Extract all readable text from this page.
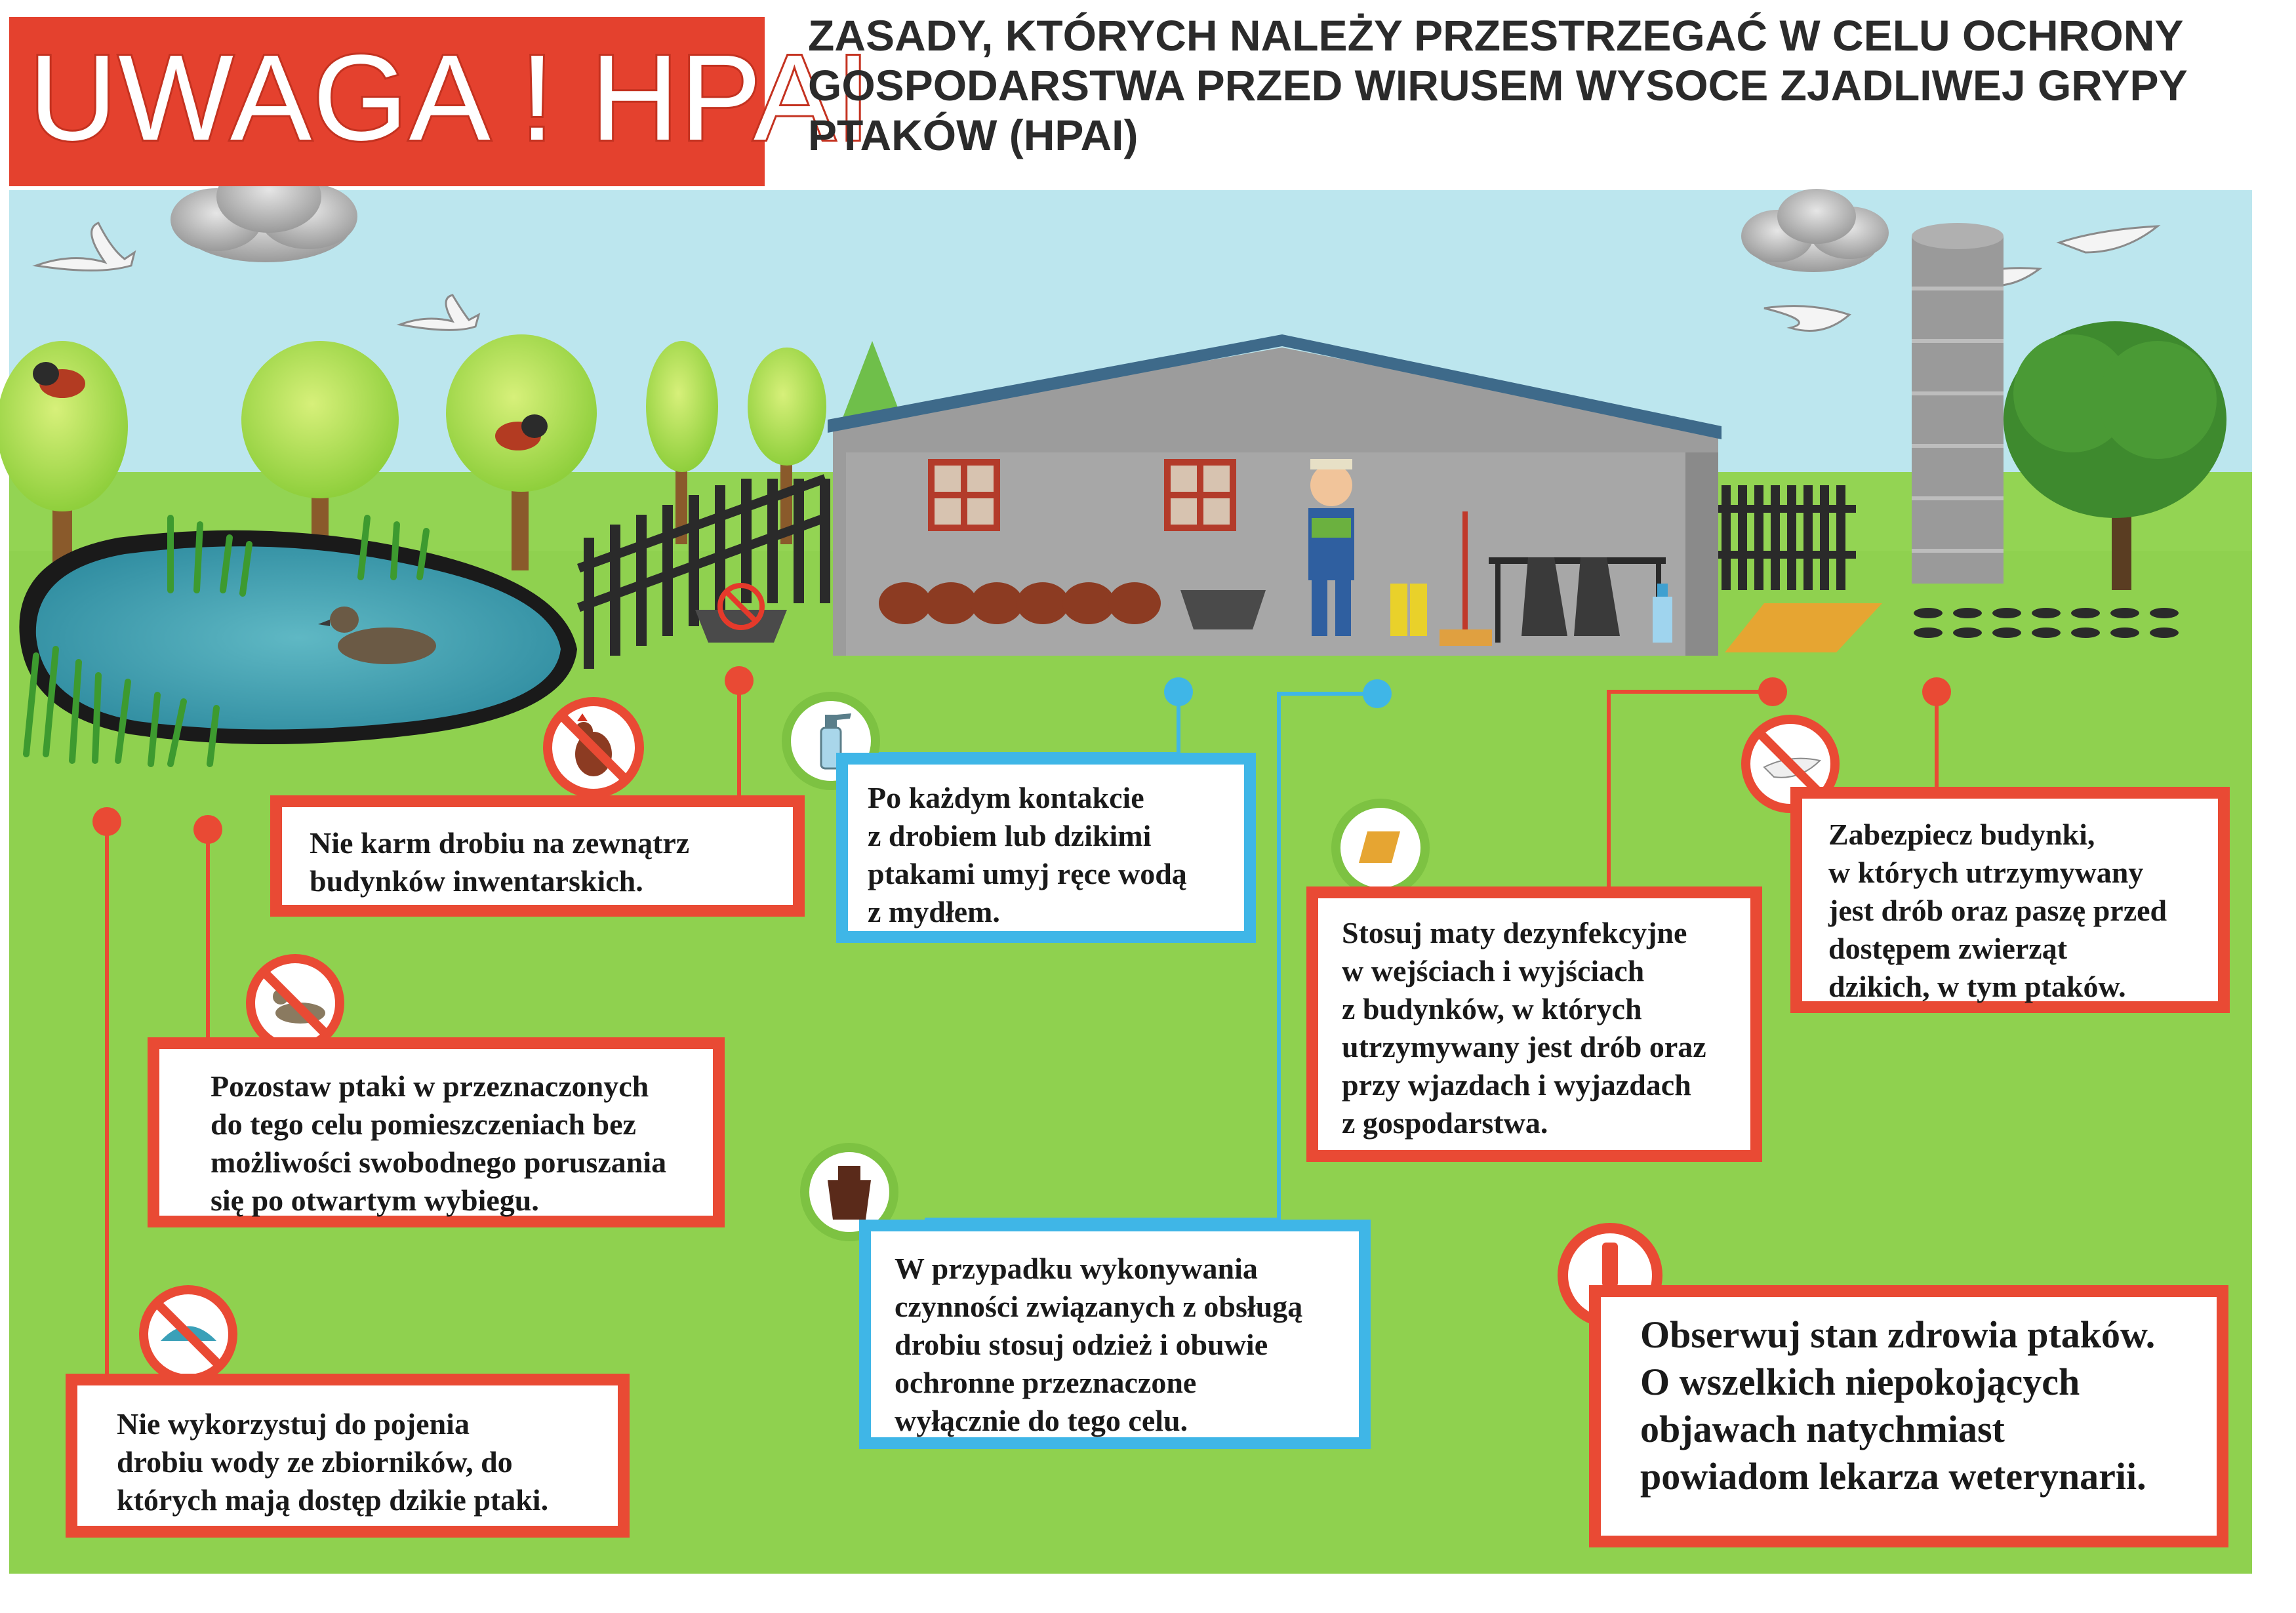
UWAGA ! HPAI
ZASADY, KTÓRYCH NALEŻY PRZESTRZEGAĆ W CELU OCHRONY
GOSPODARSTWA PRZED WIRUSEM WYSOCE ZJADLIWEJ GRYPY
PTAKÓW (HPAI)
Nie karm drobiu na zewnątrz
budynków inwentarskich.
Po każdym kontakcie
z drobiem lub dzikimi
ptakami umyj ręce wodą
z mydłem.
Pozostaw ptaki w przeznaczonych
do tego celu pomieszczeniach bez
możliwości swobodnego poruszania
się po otwartym wybiegu.
Stosuj maty dezynfekcyjne
w wejściach i wyjściach
z budynków, w których
utrzymywany jest drób oraz
przy wjazdach i wyjazdach
z gospodarstwa.
Zabezpiecz budynki,
w których utrzymywany
jest drób oraz paszę przed
dostępem zwierząt
dzikich, w tym ptaków.
W przypadku wykonywania
czynności związanych z obsługą
drobiu stosuj odzież i obuwie
ochronne przeznaczone
wyłącznie do tego celu.
Nie wykorzystuj do pojenia
drobiu wody ze zbiorników, do
których mają dostęp dzikie ptaki.
Obserwuj stan zdrowia ptaków.
O wszelkich niepokojących
objawach natychmiast
powiadom lekarza weterynarii.
